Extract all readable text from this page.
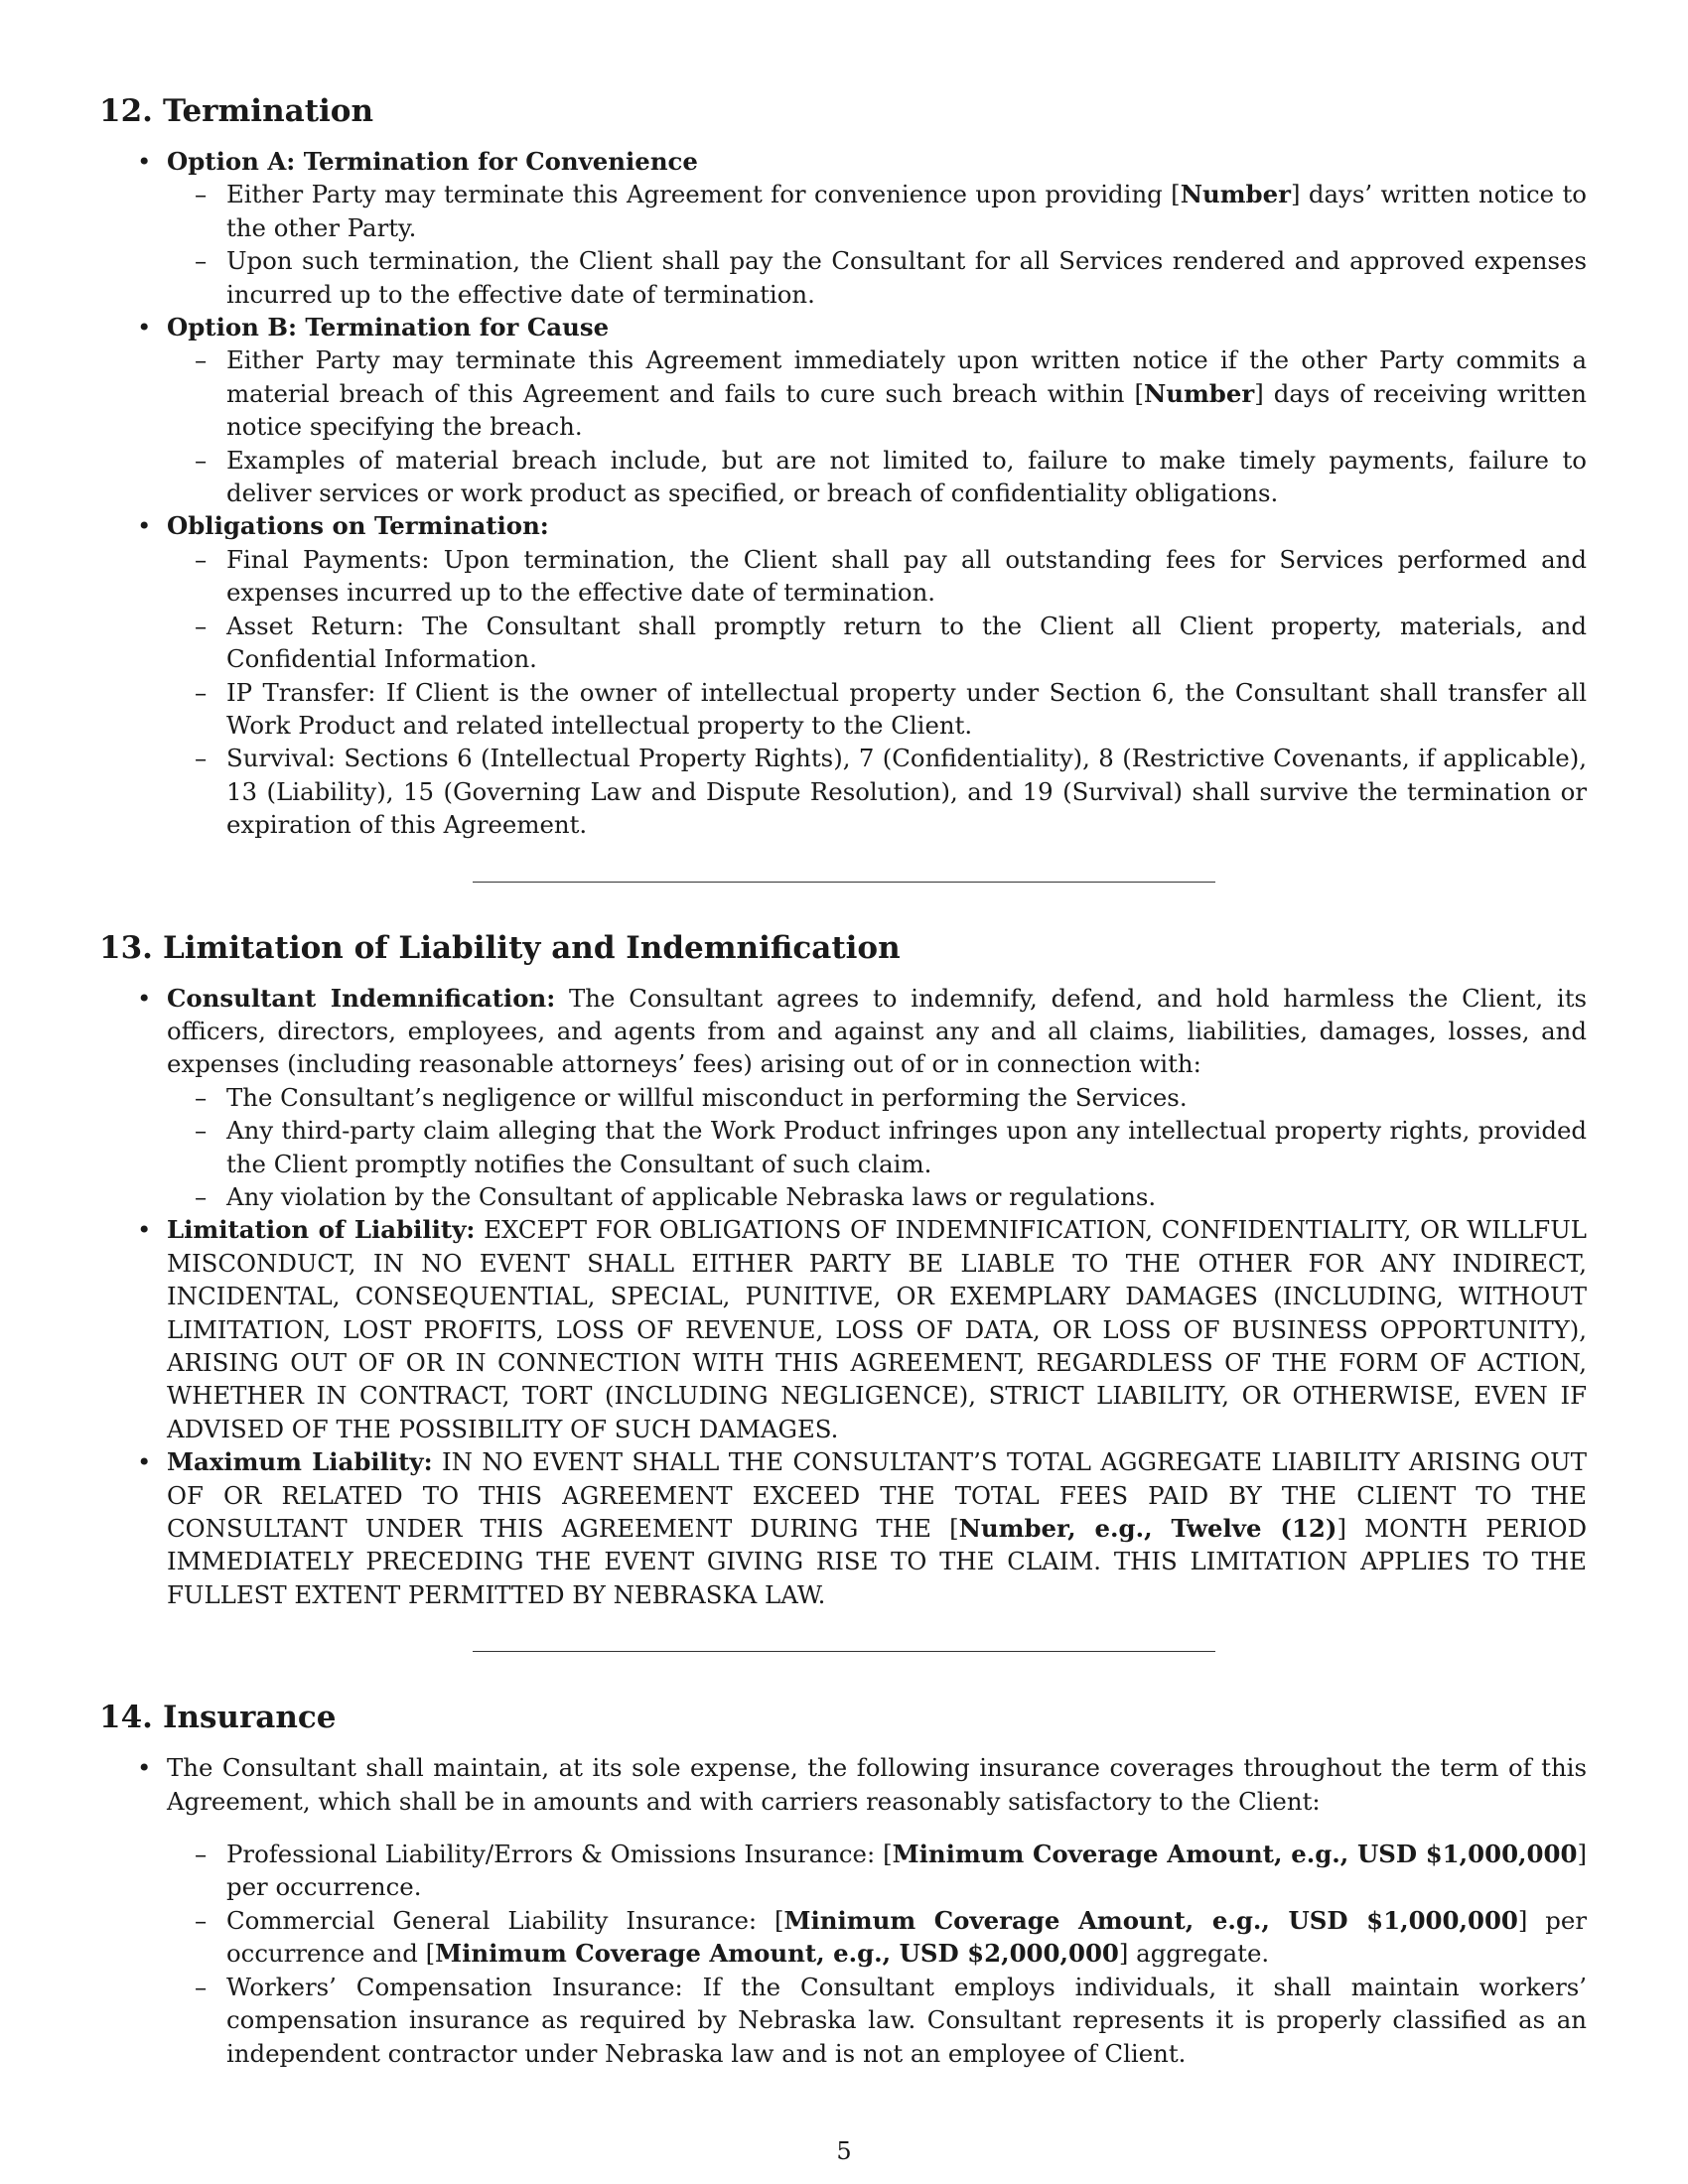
12. Termination
• Option A: Termination for Convenience
– Either Party may terminate this Agreement for convenience upon providing [Number] days’ written notice to the other Party.
– Upon such termination, the Client shall pay the Consultant for all Services rendered and approved expenses incurred up to the effective date of termination.
• Option B: Termination for Cause
– Either Party may terminate this Agreement immediately upon written notice if the other Party commits a material breach of this Agreement and fails to cure such breach within [Number] days of receiving written notice specifying the breach.
– Examples of material breach include, but are not limited to, failure to make timely payments, failure to deliver services or work product as specified, or breach of confidentiality obligations.
• Obligations on Termination:
– Final Payments: Upon termination, the Client shall pay all outstanding fees for Services performed and expenses incurred up to the effective date of termination.
– Asset Return: The Consultant shall promptly return to the Client all Client property, materials, and Confidential Information.
– IP Transfer: If Client is the owner of intellectual property under Section 6, the Consultant shall transfer all Work Product and related intellectual property to the Client.
– Survival: Sections 6 (Intellectual Property Rights), 7 (Confidentiality), 8 (Restrictive Covenants, if applicable), 13 (Liability), 15 (Governing Law and Dispute Resolution), and 19 (Survival) shall survive the termination or expiration of this Agreement.
13. Limitation of Liability and Indemnification
• Consultant Indemnification: The Consultant agrees to indemnify, defend, and hold harmless the Client, its officers, directors, employees, and agents from and against any and all claims, liabilities, damages, losses, and expenses (including reasonable attorneys’ fees) arising out of or in connection with:
– The Consultant’s negligence or willful misconduct in performing the Services.
– Any third-party claim alleging that the Work Product infringes upon any intellectual property rights, provided the Client promptly notifies the Consultant of such claim.
– Any violation by the Consultant of applicable Nebraska laws or regulations.
• Limitation of Liability: EXCEPT FOR OBLIGATIONS OF INDEMNIFICATION, CONFIDENTIALITY, OR WILLFUL MISCONDUCT, IN NO EVENT SHALL EITHER PARTY BE LIABLE TO THE OTHER FOR ANY INDIRECT, INCIDENTAL, CONSEQUENTIAL, SPECIAL, PUNITIVE, OR EXEMPLARY DAMAGES (INCLUDING, WITHOUT LIMITATION, LOST PROFITS, LOSS OF REVENUE, LOSS OF DATA, OR LOSS OF BUSINESS OPPORTUNITY), ARISING OUT OF OR IN CONNECTION WITH THIS AGREEMENT, REGARDLESS OF THE FORM OF ACTION, WHETHER IN CONTRACT, TORT (INCLUDING NEGLIGENCE), STRICT LIABILITY, OR OTHERWISE, EVEN IF ADVISED OF THE POSSIBILITY OF SUCH DAMAGES.
• Maximum Liability: IN NO EVENT SHALL THE CONSULTANT’S TOTAL AGGREGATE LIABILITY ARISING OUT OF OR RELATED TO THIS AGREEMENT EXCEED THE TOTAL FEES PAID BY THE CLIENT TO THE CONSULTANT UNDER THIS AGREEMENT DURING THE [Number, e.g., Twelve (12)] MONTH PERIOD IMMEDIATELY PRECEDING THE EVENT GIVING RISE TO THE CLAIM. THIS LIMITATION APPLIES TO THE FULLEST EXTENT PERMITTED BY NEBRASKA LAW.
14. Insurance
• The Consultant shall maintain, at its sole expense, the following insurance coverages throughout the term of this Agreement, which shall be in amounts and with carriers reasonably satisfactory to the Client:
– Professional Liability/Errors & Omissions Insurance: [Minimum Coverage Amount, e.g., USD $1,000,000] per occurrence.
– Commercial General Liability Insurance: [Minimum Coverage Amount, e.g., USD $1,000,000] per occurrence and [Minimum Coverage Amount, e.g., USD $2,000,000] aggregate.
– Workers’ Compensation Insurance: If the Consultant employs individuals, it shall maintain workers’ compensation insurance as required by Nebraska law. Consultant represents it is properly classified as an independent contractor under Nebraska law and is not an employee of Client.
5
